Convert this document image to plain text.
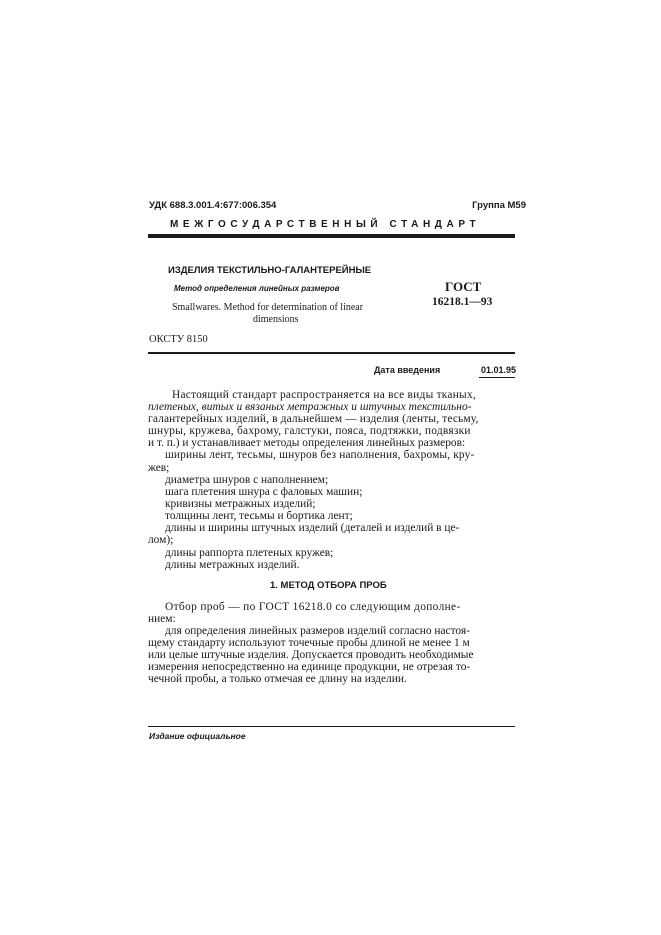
УДК 688.3.001.4:677:006.354	Группа М59
МЕЖГОСУДАРСТВЕННЫЙ СТАНДАРТ
ИЗДЕЛИЯ ТЕКСТИЛЬНО-ГАЛАНТЕРЕЙНЫЕ
Метод определения линейных размеров
Smallwares. Method for determination of linear
dimensions
ГОСТ
16218.1—93
ОКСТУ 8150
Дата введения	01.01.95
Настоящий стандарт распространяется на все виды тканых,
плетеных, витых и вязаных метражных и штучных текстильно-
галантерейных изделий, в дальнейшем — изделия (ленты, тесьму,
шнуры, кружева, бахрому, галстуки, пояса, подтяжки, подвязки
и т. п.) и устанавливает методы определения линейных размеров:
ширины лент, тесьмы, шнуров без наполнения, бахромы, кру-
жев;
диаметра шнуров с наполнением;
шага плетения шнура с фаловых машин;
кривизны метражных изделий;
толщины лент, тесьмы и бортика лент;
длины и ширины штучных изделий (деталей и изделий в це-
лом);
длины раппорта плетеных кружев;
длины метражных изделий.
1. МЕТОД ОТБОРА ПРОБ
Отбор проб — по ГОСТ 16218.0 со следующим дополне-
нием:
для определения линейных размеров изделий согласно настоя-
щему стандарту используют точечные пробы длиной не менее 1 м
или целые штучные изделия. Допускается проводить необходимые
измерения непосредственно на единице продукции, не отрезая то-
чечной пробы, а только отмечая ее длину на изделии.
Издание официальное
